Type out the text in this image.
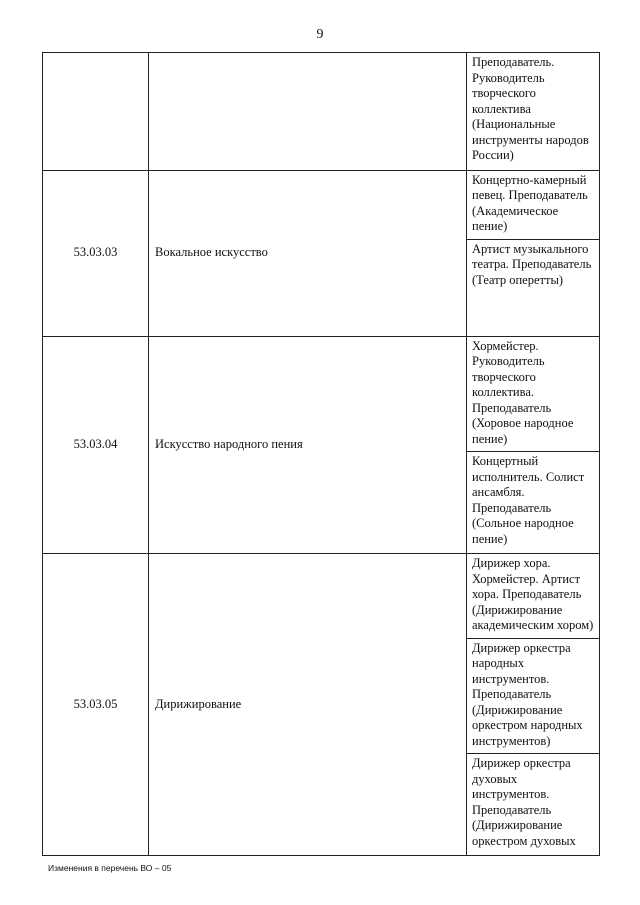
9

		Преподаватель. Руководитель творческого коллектива (Национальные инструменты народов России)

53.03.03	Вокальное искусство	Концертно-камерный певец. Преподаватель (Академическое пение)
Артист музыкального театра. Преподаватель (Театр оперетты)

53.03.04	Искусство народного пения	Хормейстер. Руководитель творческого коллектива. Преподаватель (Хоровое народное пение)
Концертный исполнитель. Солист ансамбля. Преподаватель (Сольное народное пение)

53.03.05	Дирижирование	Дирижер хора. Хормейстер. Артист хора. Преподаватель (Дирижирование академическим хором)
Дирижер оркестра народных инструментов. Преподаватель (Дирижирование оркестром народных инструментов)
Дирижер оркестра духовых инструментов. Преподаватель (Дирижирование оркестром духовых
Изменения в перечень ВО – 05
